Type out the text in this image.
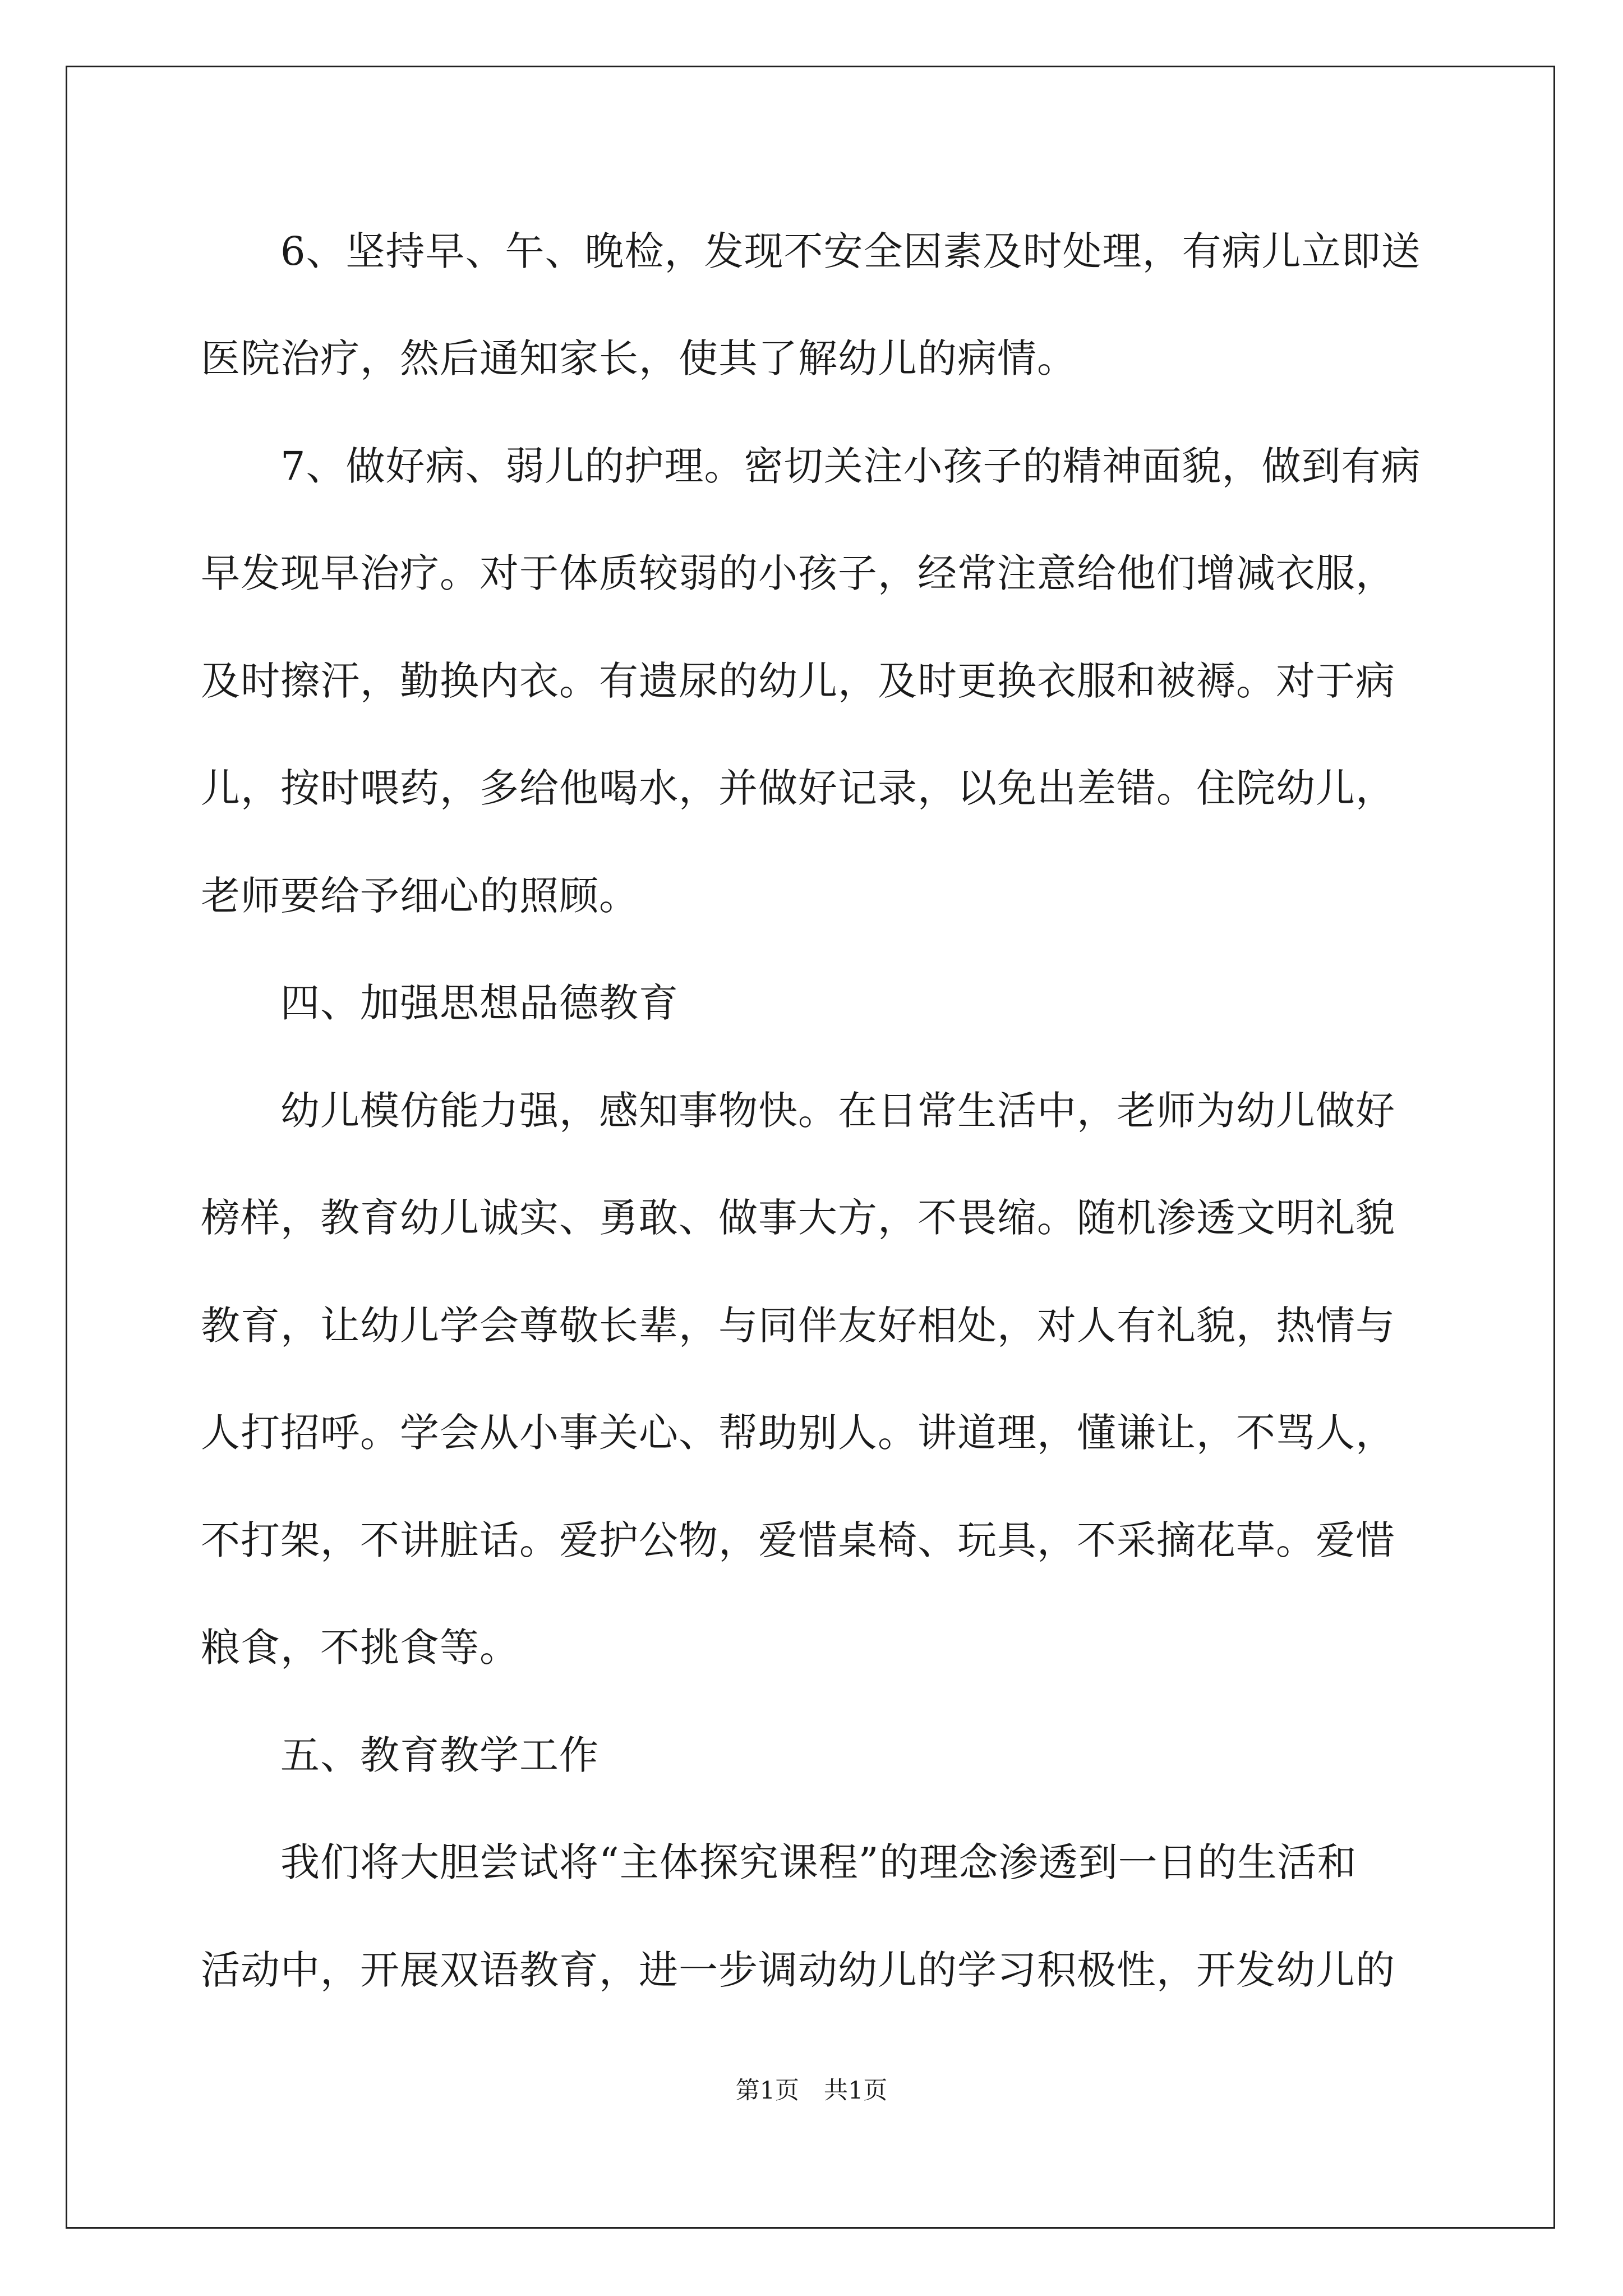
6、坚持早、午、晚检，发现不安全因素及时处理，有病儿立即送
医院治疗，然后通知家长，使其了解幼儿的病情。
7、做好病、弱儿的护理。密切关注小孩子的精神面貌，做到有病
早发现早治疗。对于体质较弱的小孩子，经常注意给他们增减衣服，
及时擦汗，勤换内衣。有遗尿的幼儿，及时更换衣服和被褥。对于病
儿，按时喂药，多给他喝水，并做好记录，以免出差错。住院幼儿，
老师要给予细心的照顾。
四、加强思想品德教育
幼儿模仿能力强，感知事物快。在日常生活中，老师为幼儿做好
榜样，教育幼儿诚实、勇敢、做事大方，不畏缩。随机渗透文明礼貌
教育，让幼儿学会尊敬长辈，与同伴友好相处，对人有礼貌，热情与
人打招呼。学会从小事关心、帮助别人。讲道理，懂谦让，不骂人，
不打架，不讲脏话。爱护公物，爱惜桌椅、玩具，不采摘花草。爱惜
粮食，不挑食等。
五、教育教学工作
我们将大胆尝试将“主体探究课程”的理念渗透到一日的生活和
活动中，开展双语教育，进一步调动幼儿的学习积极性，开发幼儿的
第1页 共1页
